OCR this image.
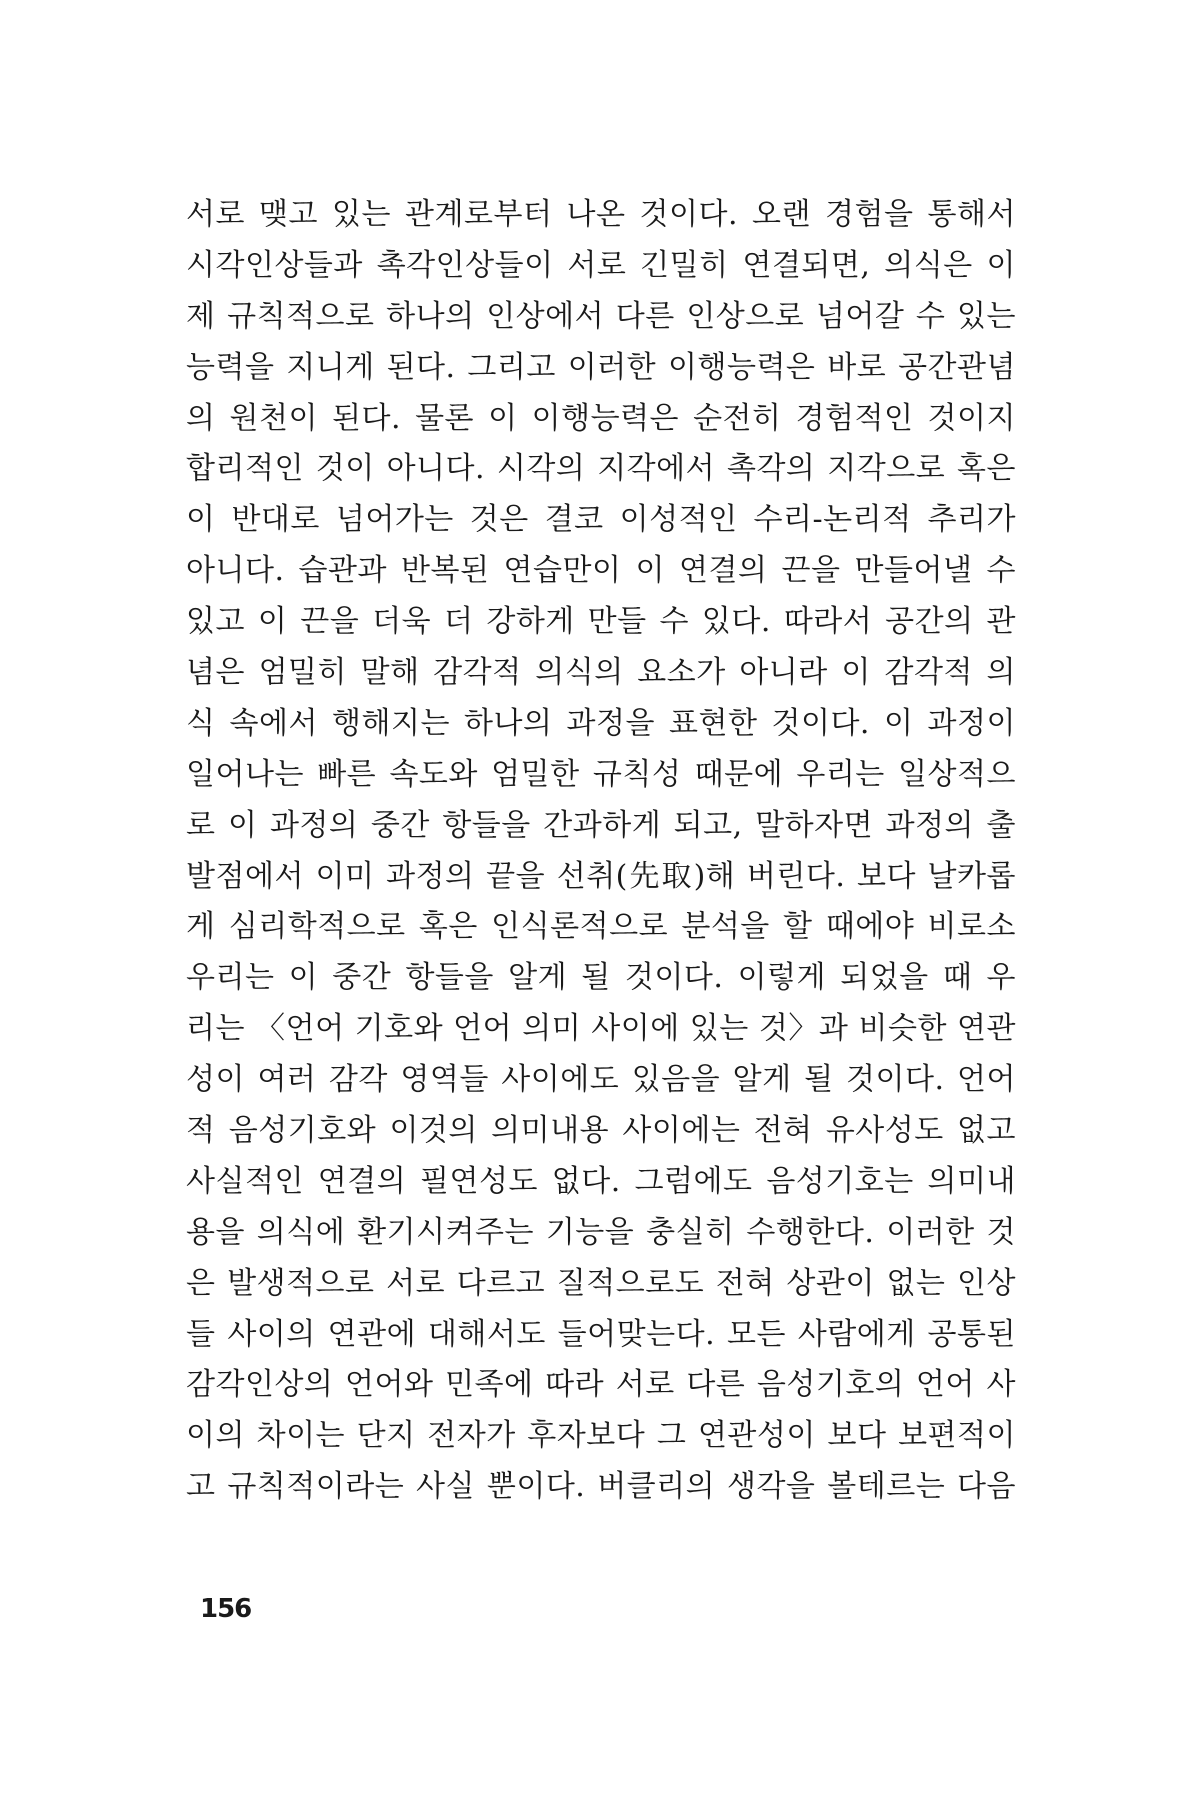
서로 맺고 있는 관계로부터 나온 것이다. 오랜 경험을 통해서
시각인상들과 촉각인상들이 서로 긴밀히 연결되면, 의식은 이
제 규칙적으로 하나의 인상에서 다른 인상으로 넘어갈 수 있는
능력을 지니게 된다. 그리고 이러한 이행능력은 바로 공간관념
의 원천이 된다. 물론 이 이행능력은 순전히 경험적인 것이지
합리적인 것이 아니다. 시각의 지각에서 촉각의 지각으로 혹은
이 반대로 넘어가는 것은 결코 이성적인 수리-논리적 추리가
아니다. 습관과 반복된 연습만이 이 연결의 끈을 만들어낼 수
있고 이 끈을 더욱 더 강하게 만들 수 있다. 따라서 공간의 관
념은 엄밀히 말해 감각적 의식의 요소가 아니라 이 감각적 의
식 속에서 행해지는 하나의 과정을 표현한 것이다. 이 과정이
일어나는 빠른 속도와 엄밀한 규칙성 때문에 우리는 일상적으
로 이 과정의 중간 항들을 간과하게 되고, 말하자면 과정의 출
발점에서 이미 과정의 끝을 선취(先取)해 버린다. 보다 날카롭
게 심리학적으로 혹은 인식론적으로 분석을 할 때에야 비로소
우리는 이 중간 항들을 알게 될 것이다. 이렇게 되었을 때 우
리는 〈언어 기호와 언어 의미 사이에 있는 것〉과 비슷한 연관
성이 여러 감각 영역들 사이에도 있음을 알게 될 것이다. 언어
적 음성기호와 이것의 의미내용 사이에는 전혀 유사성도 없고
사실적인 연결의 필연성도 없다. 그럼에도 음성기호는 의미내
용을 의식에 환기시켜주는 기능을 충실히 수행한다. 이러한 것
은 발생적으로 서로 다르고 질적으로도 전혀 상관이 없는 인상
들 사이의 연관에 대해서도 들어맞는다. 모든 사람에게 공통된
감각인상의 언어와 민족에 따라 서로 다른 음성기호의 언어 사
이의 차이는 단지 전자가 후자보다 그 연관성이 보다 보편적이
고 규칙적이라는 사실 뿐이다. 버클리의 생각을 볼테르는 다음
156
